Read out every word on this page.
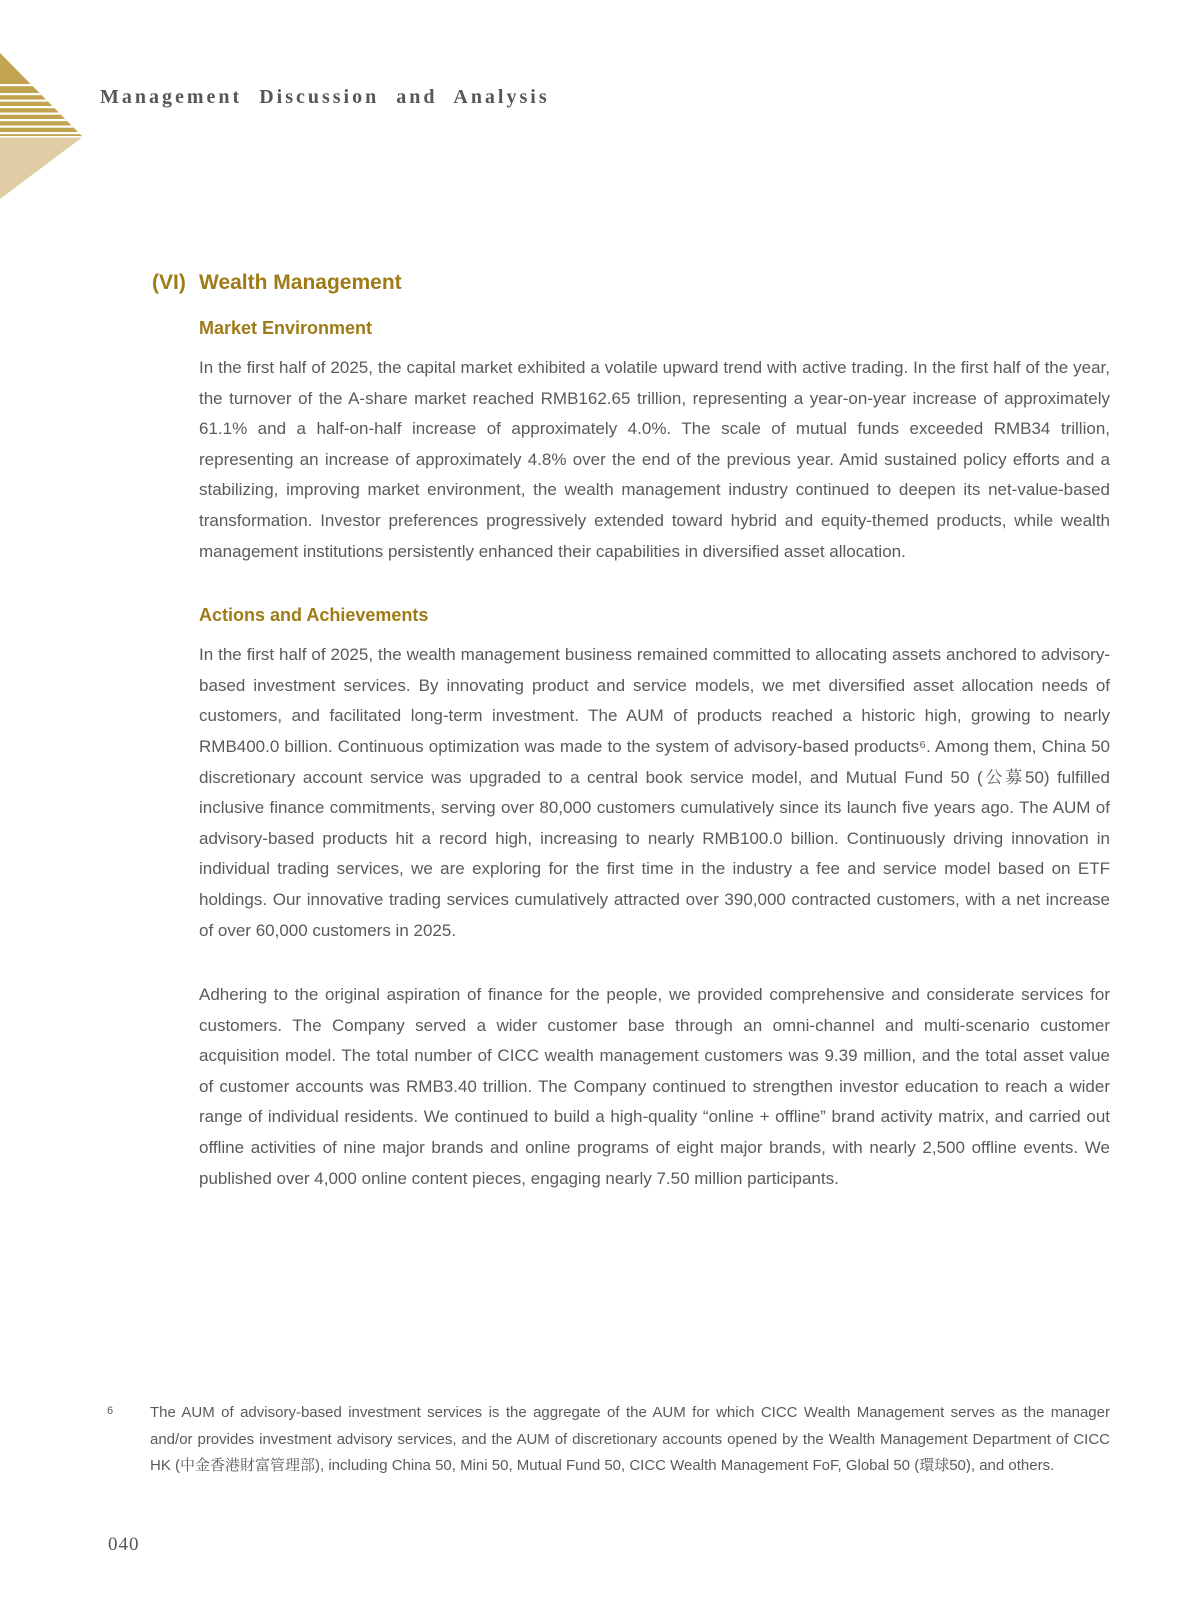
Management Discussion and Analysis
(VI) Wealth Management
Market Environment

In the first half of 2025, the capital market exhibited a volatile upward trend with active trading. In the first half of the year, the turnover of the A-share market reached RMB162.65 trillion, representing a year-on-year increase of approximately 61.1% and a half-on-half increase of approximately 4.0%. The scale of mutual funds exceeded RMB34 trillion, representing an increase of approximately 4.8% over the end of the previous year. Amid sustained policy efforts and a stabilizing, improving market environment, the wealth management industry continued to deepen its net-value-based transformation. Investor preferences progressively extended toward hybrid and equity-themed products, while wealth management institutions persistently enhanced their capabilities in diversified asset allocation.

Actions and Achievements

In the first half of 2025, the wealth management business remained committed to allocating assets anchored to advisory-based investment services. By innovating product and service models, we met diversified asset allocation needs of customers, and facilitated long-term investment. The AUM of products reached a historic high, growing to nearly RMB400.0 billion. Continuous optimization was made to the system of advisory-based products⁶. Among them, China 50 discretionary account service was upgraded to a central book service model, and Mutual Fund 50 (公募50) fulfilled inclusive finance commitments, serving over 80,000 customers cumulatively since its launch five years ago. The AUM of advisory-based products hit a record high, increasing to nearly RMB100.0 billion. Continuously driving innovation in individual trading services, we are exploring for the first time in the industry a fee and service model based on ETF holdings. Our innovative trading services cumulatively attracted over 390,000 contracted customers, with a net increase of over 60,000 customers in 2025.

Adhering to the original aspiration of finance for the people, we provided comprehensive and considerate services for customers. The Company served a wider customer base through an omni-channel and multi-scenario customer acquisition model. The total number of CICC wealth management customers was 9.39 million, and the total asset value of customer accounts was RMB3.40 trillion. The Company continued to strengthen investor education to reach a wider range of individual residents. We continued to build a high-quality “online + offline” brand activity matrix, and carried out offline activities of nine major brands and online programs of eight major brands, with nearly 2,500 offline events. We published over 4,000 online content pieces, engaging nearly 7.50 million participants.

6 The AUM of advisory-based investment services is the aggregate of the AUM for which CICC Wealth Management serves as the manager and/or provides investment advisory services, and the AUM of discretionary accounts opened by the Wealth Management Department of CICC HK (中金香港財富管理部), including China 50, Mini 50, Mutual Fund 50, CICC Wealth Management FoF, Global 50 (環球50), and others.
040
